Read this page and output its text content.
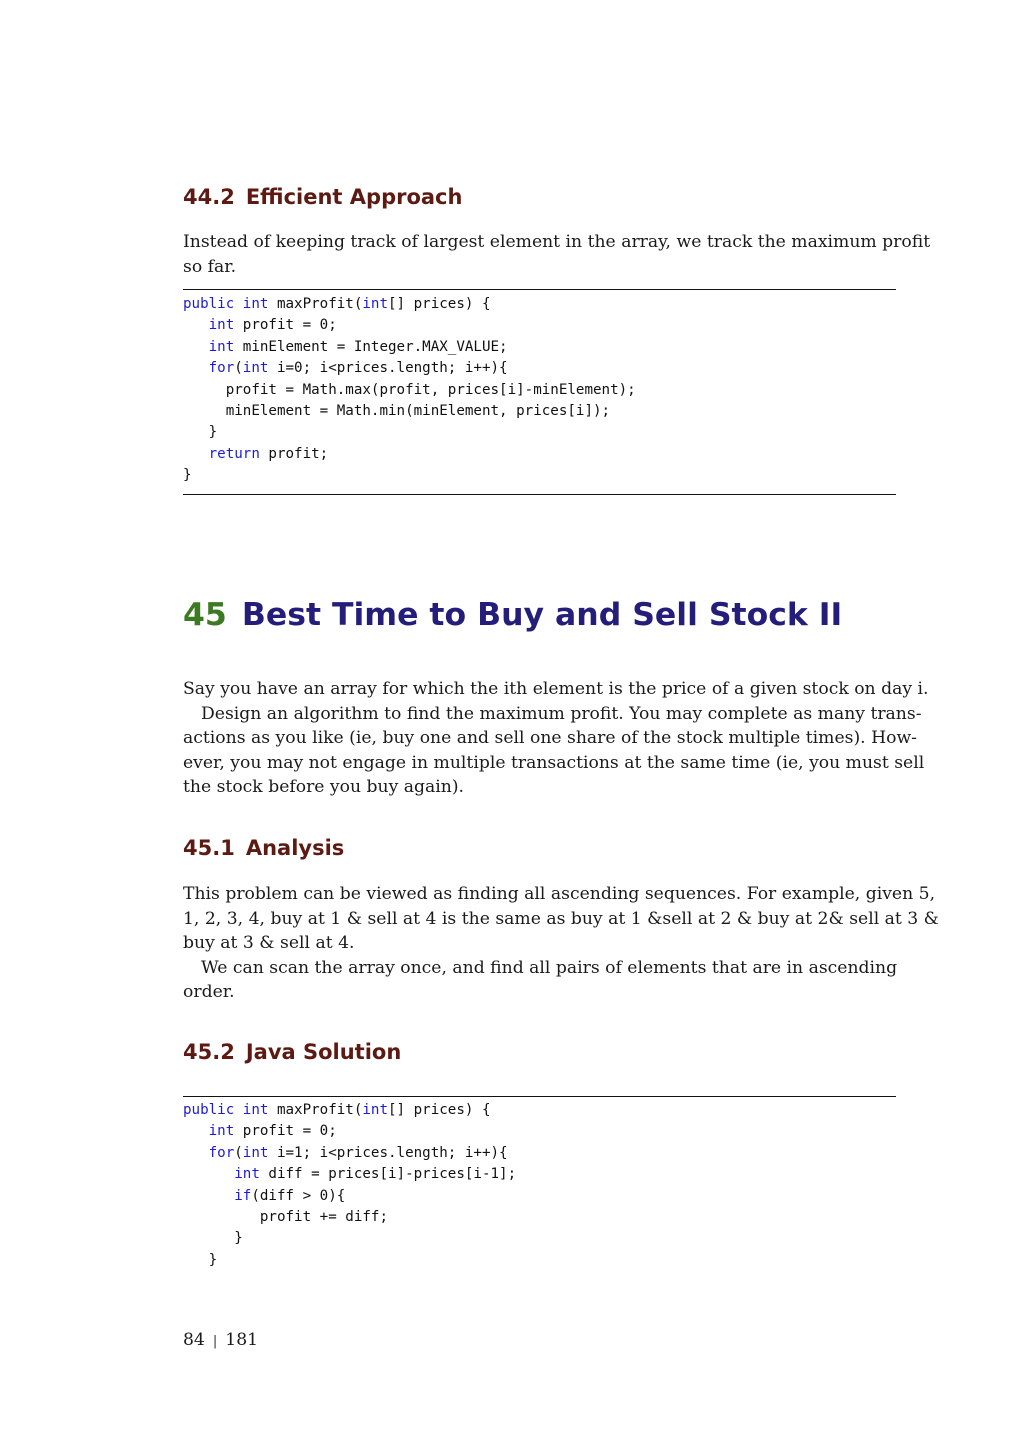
44.2 Efficient Approach

Instead of keeping track of largest element in the array, we track the maximum profit
so far.

public int maxProfit(int[] prices) {
int profit = 0;
int minElement = Integer.MAX_VALUE;
for(int i=0; i<prices.length; i++){
profit = Math.max(profit, prices[i]-minElement);
minElement = Math.min(minElement, prices[i]);
}
return profit;
}
45 Best Time to Buy and Sell Stock II

Say you have an array for which the ith element is the price of a given stock on day i.
Design an algorithm to find the maximum profit. You may complete as many trans-
actions as you like (ie, buy one and sell one share of the stock multiple times). How-
ever, you may not engage in multiple transactions at the same time (ie, you must sell
the stock before you buy again).

45.1 Analysis

This problem can be viewed as finding all ascending sequences. For example, given 5,
1, 2, 3, 4, buy at 1 & sell at 4 is the same as buy at 1 &sell at 2 & buy at 2& sell at 3 &
buy at 3 & sell at 4.
We can scan the array once, and find all pairs of elements that are in ascending
order.

45.2 Java Solution
public int maxProfit(int[] prices) {
int profit = 0;
for(int i=1; i<prices.length; i++){
int diff = prices[i]-prices[i-1];
if(diff > 0){
profit += diff;
}
}
84 | 181
